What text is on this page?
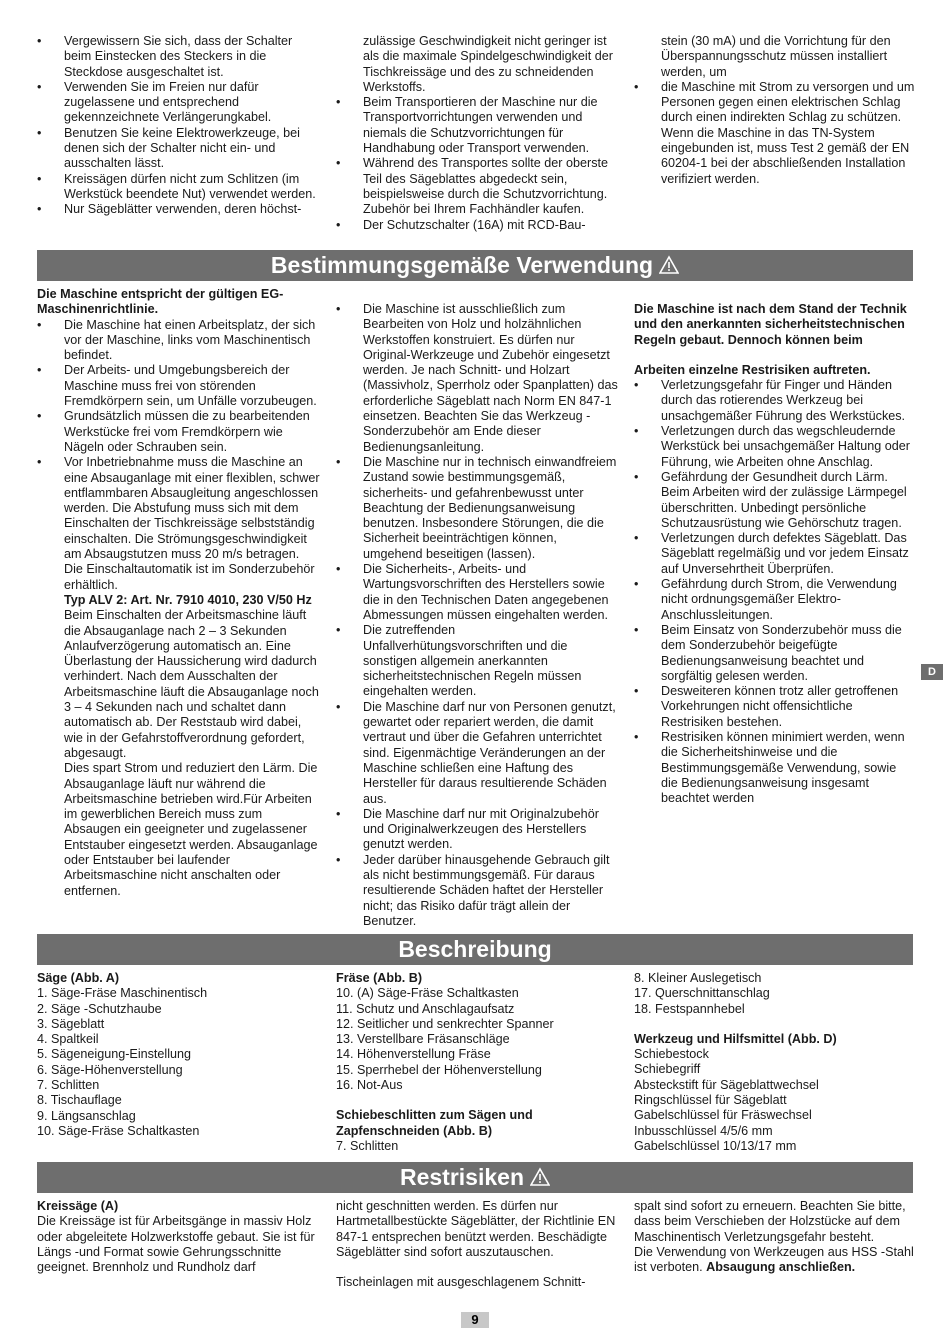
• Vergewissern Sie sich, dass der Schalter beim Einstecken des Steckers in die Steckdose ausgeschaltet ist.
• Verwenden Sie im Freien nur dafür zugelassene und entsprechend gekennzeichnete Verlängerungkabel.
• Benutzen Sie keine Elektrowerkzeuge, bei denen sich der Schalter nicht ein- und ausschalten lässt.
• Kreissägen dürfen nicht zum Schlitzen (im Werkstück beendete Nut) verwendet werden.
• Nur Sägeblätter verwenden, deren höchst-

zulässige Geschwindigkeit nicht geringer ist als die maximale Spindelgeschwindigkeit der Tischkreissäge und des zu schneidenden Werkstoffs.

• Beim Transportieren der Maschine nur die Transportvorrichtungen verwenden und niemals die Schutzvorrichtungen für Handhabung oder Transport verwenden.
• Während des Transportes sollte der oberste Teil des Sägeblattes abgedeckt sein, beispielsweise durch die Schutzvorrichtung. Zubehör bei Ihrem Fachhändler kaufen.
• Der Schutzschalter (16A) mit RCD-Bau-

stein (30 mA) und die Vorrichtung für den Überspannungsschutz müssen installiert werden, um

• die Maschine mit Strom zu versorgen und um Personen gegen einen elektrischen Schlag durch einen indirekten Schlag zu schützen. Wenn die Maschine in das TN-System eingebunden ist, muss Test 2 gemäß der EN 60204-1 bei der abschließenden Installation verifiziert werden.
Bestimmungsgemäße Verwendung

Die Maschine entspricht der gültigen EG-Maschinenrichtlinie.

• Die Maschine hat einen Arbeitsplatz, der sich vor der Maschine, links vom Maschinentisch befindet.
• Der Arbeits- und Umgebungsbereich der Maschine muss frei von störenden Fremdkörpern sein, um Unfälle vorzubeugen.
• Grundsätzlich müssen die zu bearbeitenden Werkstücke frei vom Fremdkörpern wie Nägeln oder Schrauben sein.
• Vor Inbetriebnahme muss die Maschine an eine Absauganlage mit einer flexiblen, schwer entflammbaren Absaugleitung angeschlossen werden. Die Abstufung muss sich mit dem Einschalten der Tischkreissäge selbstständig einschalten. Die Strömungsgeschwindigkeit am Absaugstutzen muss 20 m/s betragen.

Die Einschaltautomatik ist im Sonderzubehör erhältlich.

Typ ALV 2: Art. Nr. 7910 4010, 230 V/50 Hz

Beim Einschalten der Arbeitsmaschine läuft die Absauganlage nach 2 – 3 Sekunden Anlaufverzögerung automatisch an. Eine Überlastung der Haussicherung wird dadurch verhindert. Nach dem Ausschalten der Arbeitsmaschine läuft die Absauganlage noch 3 – 4 Sekunden nach und schaltet dann automatisch ab. Der Reststaub wird dabei, wie in der Gefahrstoffverordnung gefordert, abgesaugt.

Dies spart Strom und reduziert den Lärm. Die Absauganlage läuft nur während die Arbeitsmaschine betrieben wird.Für Arbeiten im gewerblichen Bereich muss zum Absaugen ein geeigneter und zugelassener Entstauber eingesetzt werden. Absauganlage oder Entstauber bei laufender Arbeitsmaschine nicht anschalten oder entfernen.

• Die Maschine ist ausschließlich zum Bearbeiten von Holz und holzähnlichen Werkstoffen konstruiert. Es dürfen nur Original-Werkzeuge und Zubehör eingesetzt werden. Je nach Schnitt- und Holzart (Massivholz, Sperrholz oder Spanplatten) das erforderliche Sägeblatt nach Norm EN 847-1 einsetzen. Beachten Sie das Werkzeug - Sonderzubehör am Ende dieser Bedienungsanleitung.
• Die Maschine nur in technisch einwandfreiem Zustand sowie bestimmungsgemäß, sicherheits- und gefahrenbewusst unter Beachtung der Bedienungsanweisung benutzen. Insbesondere Störungen, die die Sicherheit beeinträchtigen können, umgehend beseitigen (lassen).
• Die Sicherheits-, Arbeits- und Wartungsvorschriften des Herstellers sowie die in den Technischen Daten angegebenen Abmessungen müssen eingehalten werden.
• Die zutreffenden Unfallverhütungsvorschriften und die sonstigen allgemein anerkannten sicherheitstechnischen Regeln müssen eingehalten werden.
• Die Maschine darf nur von Personen genutzt, gewartet oder repariert werden, die damit vertraut und über die Gefahren unterrichtet sind. Eigenmächtige Veränderungen an der Maschine schließen eine Haftung des Hersteller für daraus resultierende Schäden aus.
• Die Maschine darf nur mit Originalzubehör und Originalwerkzeugen des Herstellers genutzt werden.
• Jeder darüber hinausgehende Gebrauch gilt als nicht bestimmungsgemäß. Für daraus resultierende Schäden haftet der Hersteller nicht; das Risiko dafür trägt allein der Benutzer.

Die Maschine ist nach dem Stand der Technik und den anerkannten sicherheitstechnischen Regeln gebaut. Dennoch können beim

Arbeiten einzelne Restrisiken auftreten.

• Verletzungsgefahr für Finger und Händen durch das rotierendes Werkzeug bei unsachgemäßer Führung des Werkstückes.
• Verletzungen durch das wegschleudernde Werkstück bei unsachgemäßer Haltung oder Führung, wie Arbeiten ohne Anschlag.
• Gefährdung der Gesundheit durch Lärm. Beim Arbeiten wird der zulässige Lärmpegel überschritten. Unbedingt persönliche Schutzausrüstung wie Gehörschutz tragen.
• Verletzungen durch defektes Sägeblatt. Das Sägeblatt regelmäßig und vor jedem Einsatz auf Unversehrtheit Überprüfen.
• Gefährdung durch Strom, die Verwendung nicht ordnungsgemäßer Elektro-Anschlussleitungen.
• Beim Einsatz von Sonderzubehör muss die dem Sonderzubehör beigefügte Bedienungsanweisung beachtet und sorgfältig gelesen werden.
• Desweiteren können trotz aller getroffenen Vorkehrungen nicht offensichtliche Restrisiken bestehen.
• Restrisiken können minimiert werden, wenn die Sicherheitshinweise und die Bestimmungsgemäße Verwendung, sowie die Bedienungsanweisung insgesamt beachtet werden
D
Beschreibung

Säge (Abb. A)

1. Säge-Fräse Maschinentisch

2. Säge -Schutzhaube

3. Sägeblatt

4. Spaltkeil

5. Sägeneigung-Einstellung

6. Säge-Höhenverstellung

7. Schlitten

8. Tischauflage

9. Längsanschlag

10. Säge-Fräse Schaltkasten

Fräse (Abb. B)

10. (A) Säge-Fräse Schaltkasten

11. Schutz und Anschlagaufsatz

12. Seitlicher und senkrechter Spanner

13. Verstellbare Fräsanschläge

14. Höhenverstellung Fräse

15. Sperrhebel der Höhenverstellung

16. Not-Aus

Schiebeschlitten zum Sägen und Zapfenschneiden (Abb. B)

7. Schlitten

8. Kleiner Auslegetisch

17. Querschnittanschlag

18. Festspannhebel

Werkzeug und Hilfsmittel (Abb. D)

Schiebestock

Schiebegriff

Absteckstift für Sägeblattwechsel

Ringschlüssel für Sägeblatt

Gabelschlüssel für Fräswechsel

Inbusschlüssel 4/5/6 mm

Gabelschlüssel 10/13/17 mm

Restrisiken

Kreissäge (A)

Die Kreissäge ist für Arbeitsgänge in massiv Holz oder abgeleitete Holzwerkstoffe gebaut. Sie ist für Längs -und Format sowie Gehrungsschnitte geeignet. Brennholz und Rundholz darf

nicht geschnitten werden. Es dürfen nur Hartmetallbestückte Sägeblätter, der Richtlinie EN 847-1 entsprechen benützt werden. Beschädigte Sägeblätter sind sofort auszutauschen.

Tischeinlagen mit ausgeschlagenem Schnitt-

spalt sind sofort zu erneuern. Beachten Sie bitte, dass beim Verschieben der Holzstücke auf dem Maschinentisch Verletzungsgefahr besteht.

Die Verwendung von Werkzeugen aus HSS -Stahl ist verboten. Absaugung anschließen.

9
